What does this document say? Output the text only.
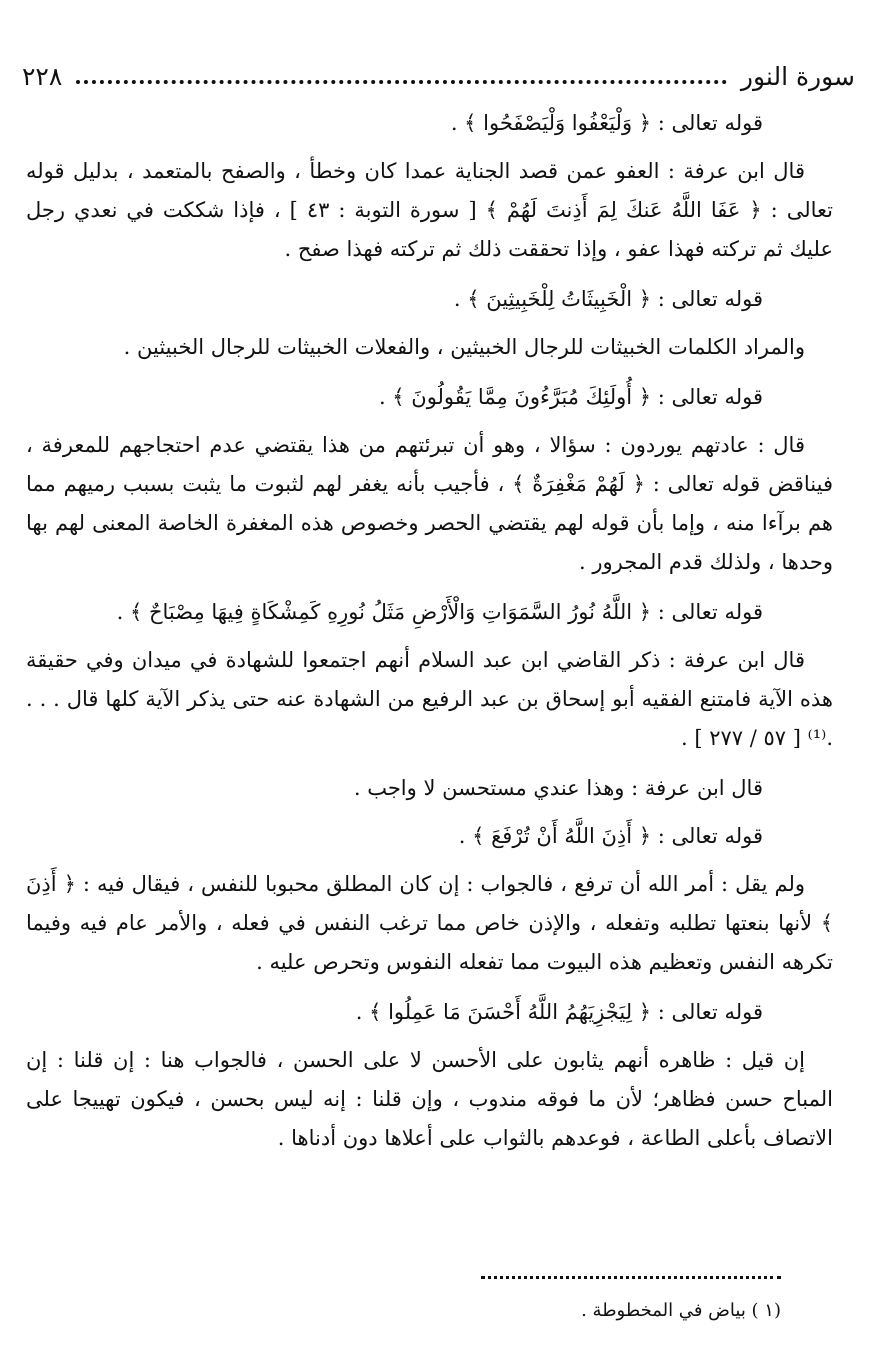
سورة النور
٢٢٨

قوله تعالى : ﴿ وَلْيَعْفُوا وَلْيَصْفَحُوا ﴾ .

قال ابن عرفة : العفو عمن قصد الجناية عمدا كان وخطأ ، والصفح بالمتعمد ، بدليل قوله تعالى : ﴿ عَفَا اللَّهُ عَنكَ لِمَ أَذِنتَ لَهُمْ ﴾ [ سورة التوبة : ٤٣ ] ، فإذا شككت في نعدي رجل عليك ثم تركته فهذا عفو ، وإذا تحققت ذلك ثم تركته فهذا صفح .

قوله تعالى : ﴿ الْخَبِيثَاتُ لِلْخَبِيثِينَ ﴾ .

والمراد الكلمات الخبيثات للرجال الخبيثين ، والفعلات الخبيثات للرجال الخبيثين .

قوله تعالى : ﴿ أُولَئِكَ مُبَرَّءُونَ مِمَّا يَقُولُونَ ﴾ .

قال : عادتهم يوردون : سؤالا ، وهو أن تبرئتهم من هذا يقتضي عدم احتجاجهم للمعرفة ، فيناقض قوله تعالى : ﴿ لَهُمْ مَغْفِرَةٌ ﴾ ، فأجيب بأنه يغفر لهم لثبوت ما يثبت بسبب رميهم مما هم برآءا منه ، وإما بأن قوله لهم يقتضي الحصر وخصوص هذه المغفرة الخاصة المعنى لهم بها وحدها ، ولذلك قدم المجرور .

قوله تعالى : ﴿ اللَّهُ نُورُ السَّمَوَاتِ وَالْأَرْضِ مَثَلُ نُورِهِ كَمِشْكَاةٍ فِيهَا مِصْبَاحٌ ﴾ .

قال ابن عرفة : ذكر القاضي ابن عبد السلام أنهم اجتمعوا للشهادة في ميدان وفي حقيقة هذه الآية فامتنع الفقيه أبو إسحاق بن عبد الرفيع من الشهادة عنه حتى يذكر الآية كلها قال . . . .⁽¹⁾ [ ٥٧ / ٢٧٧ ] .

قال ابن عرفة : وهذا عندي مستحسن لا واجب .

قوله تعالى : ﴿ أَذِنَ اللَّهُ أَنْ تُرْفَعَ ﴾ .

ولم يقل : أمر الله أن ترفع ، فالجواب : إن كان المطلق محبوبا للنفس ، فيقال فيه : ﴿ أَذِنَ ﴾ لأنها بنعتها تطلبه وتفعله ، والإذن خاص مما ترغب النفس في فعله ، والأمر عام فيه وفيما تكرهه النفس وتعظيم هذه البيوت مما تفعله النفوس وتحرص عليه .

قوله تعالى : ﴿ لِيَجْزِيَهُمُ اللَّهُ أَحْسَنَ مَا عَمِلُوا ﴾ .

إن قيل : ظاهره أنهم يثابون على الأحسن لا على الحسن ، فالجواب هنا : إن قلنا : إن المباح حسن فظاهر؛ لأن ما فوقه مندوب ، وإن قلنا : إنه ليس بحسن ، فيكون تهييجا على الاتصاف بأعلى الطاعة ، فوعدهم بالثواب على أعلاها دون أدناها .

(١ ) بياض في المخطوطة .
